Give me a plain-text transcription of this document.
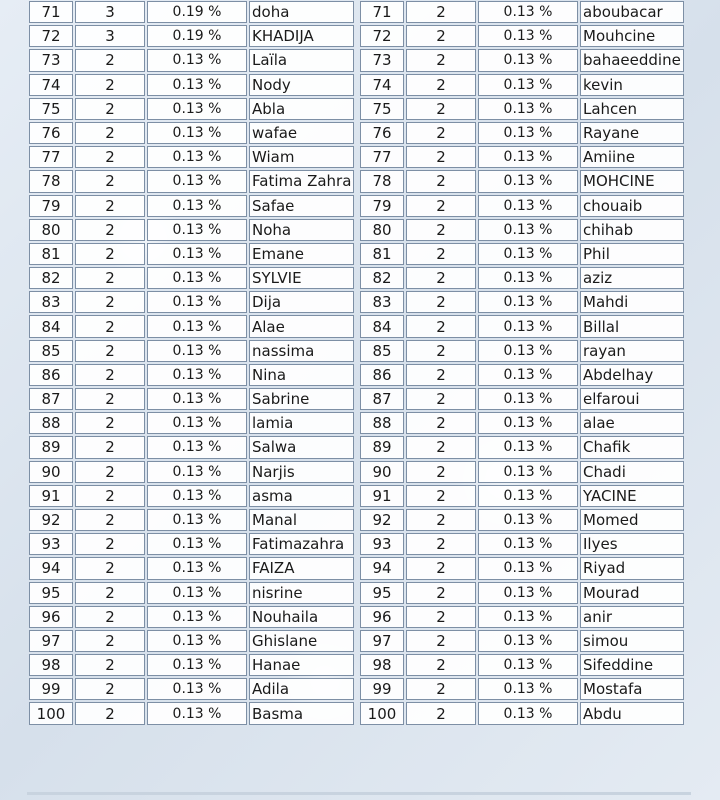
71	3	0.19 %	doha
72	3	0.19 %	KHADIJA
73	2	0.13 %	Laïla
74	2	0.13 %	Nody
75	2	0.13 %	Abla
76	2	0.13 %	wafae
77	2	0.13 %	Wiam
78	2	0.13 %	Fatima Zahra
79	2	0.13 %	Safae
80	2	0.13 %	Noha
81	2	0.13 %	Emane
82	2	0.13 %	SYLVIE
83	2	0.13 %	Dija
84	2	0.13 %	Alae
85	2	0.13 %	nassima
86	2	0.13 %	Nina
87	2	0.13 %	Sabrine
88	2	0.13 %	lamia
89	2	0.13 %	Salwa
90	2	0.13 %	Narjis
91	2	0.13 %	asma
92	2	0.13 %	Manal
93	2	0.13 %	Fatimazahra
94	2	0.13 %	FAIZA
95	2	0.13 %	nisrine
96	2	0.13 %	Nouhaila
97	2	0.13 %	Ghislane
98	2	0.13 %	Hanae
99	2	0.13 %	Adila
100	2	0.13 %	Basma
71	2	0.13 %	aboubacar
72	2	0.13 %	Mouhcine
73	2	0.13 %	bahaeeddine
74	2	0.13 %	kevin
75	2	0.13 %	Lahcen
76	2	0.13 %	Rayane
77	2	0.13 %	Amiine
78	2	0.13 %	MOHCINE
79	2	0.13 %	chouaib
80	2	0.13 %	chihab
81	2	0.13 %	Phil
82	2	0.13 %	aziz
83	2	0.13 %	Mahdi
84	2	0.13 %	Billal
85	2	0.13 %	rayan
86	2	0.13 %	Abdelhay
87	2	0.13 %	elfaroui
88	2	0.13 %	alae
89	2	0.13 %	Chafik
90	2	0.13 %	Chadi
91	2	0.13 %	YACINE
92	2	0.13 %	Momed
93	2	0.13 %	Ilyes
94	2	0.13 %	Riyad
95	2	0.13 %	Mourad
96	2	0.13 %	anir
97	2	0.13 %	simou
98	2	0.13 %	Sifeddine
99	2	0.13 %	Mostafa
100	2	0.13 %	Abdu
